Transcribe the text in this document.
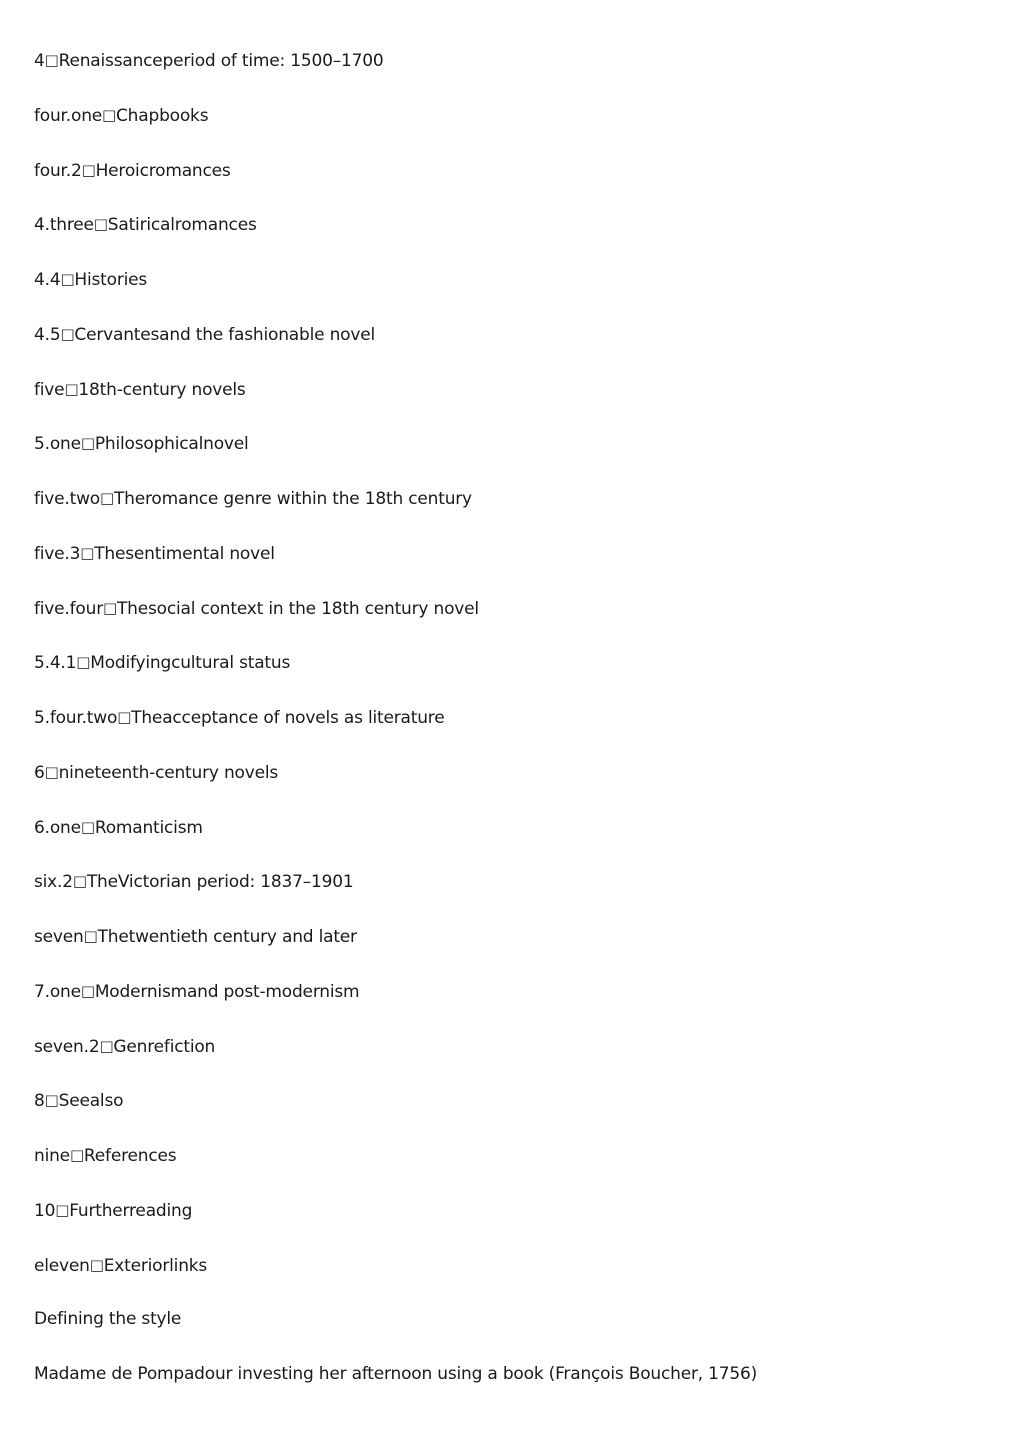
4□Renaissanceperiod of time: 1500–1700
four.one□Chapbooks
four.2□Heroicromances
4.three□Satiricalromances
4.4□Histories
4.5□Cervantesand the fashionable novel
five□18th-century novels
5.one□Philosophicalnovel
five.two□Theromance genre within the 18th century
five.3□Thesentimental novel
five.four□Thesocial context in the 18th century novel
5.4.1□Modifyingcultural status
5.four.two□Theacceptance of novels as literature
6□nineteenth-century novels
6.one□Romanticism
six.2□TheVictorian period: 1837–1901
seven□Thetwentieth century and later
7.one□Modernismand post-modernism
seven.2□Genrefiction
8□Seealso
nine□References
10□Furtherreading
eleven□Exteriorlinks
Defining the style
Madame de Pompadour investing her afternoon using a book (François Boucher, 1756)
